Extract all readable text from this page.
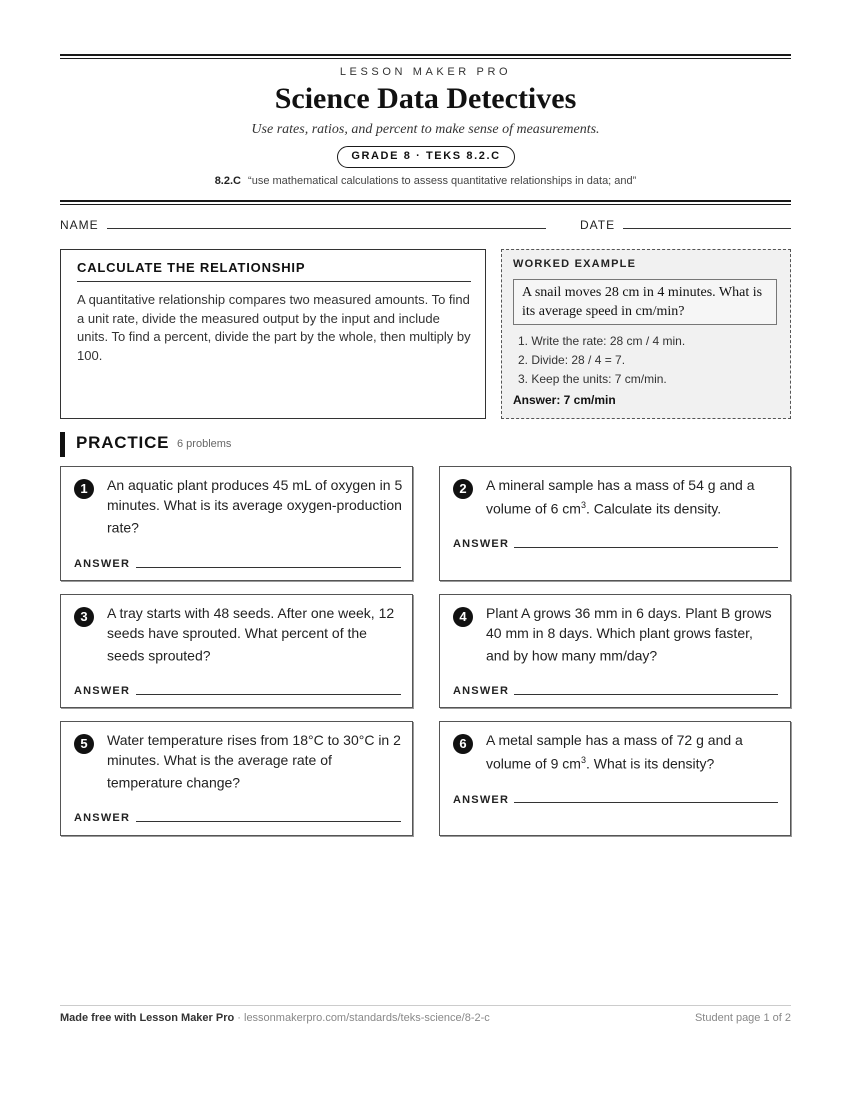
LESSON MAKER PRO
Science Data Detectives
Use rates, ratios, and percent to make sense of measurements.
GRADE 8 · TEKS 8.2.C
8.2.C “use mathematical calculations to assess quantitative relationships in data; and”
NAME	DATE
CALCULATE THE RELATIONSHIP
A quantitative relationship compares two measured amounts. To find a unit rate, divide the measured output by the input and include units. To find a percent, divide the part by the whole, then multiply by 100.
WORKED EXAMPLE
A snail moves 28 cm in 4 minutes. What is its average speed in cm/min?
1. Write the rate: 28 cm / 4 min.
2. Divide: 28 / 4 = 7.
3. Keep the units: 7 cm/min.
Answer: 7 cm/min
PRACTICE 6 problems
1	An aquatic plant produces 45 mL of oxygen in 5 minutes. What is its average oxygen-production rate?
ANSWER
2	A mineral sample has a mass of 54 g and a volume of 6 $cm^3$. Calculate its density.
ANSWER
3	A tray starts with 48 seeds. After one week, 12 seeds have sprouted. What percent of the seeds sprouted?
ANSWER
4	Plant A grows 36 mm in 6 days. Plant B grows 40 mm in 8 days. Which plant grows faster, and by how many mm/day?
ANSWER
5	Water temperature rises from 18°C to 30°C in 2 minutes. What is the average rate of temperature change?
ANSWER
6	A metal sample has a mass of 72 g and a volume of 9 $cm^3$. What is its density?
ANSWER
Made free with Lesson Maker Pro · lessonmakerpro.com/standards/teks-science/8-2-c	Student page 1 of 2
